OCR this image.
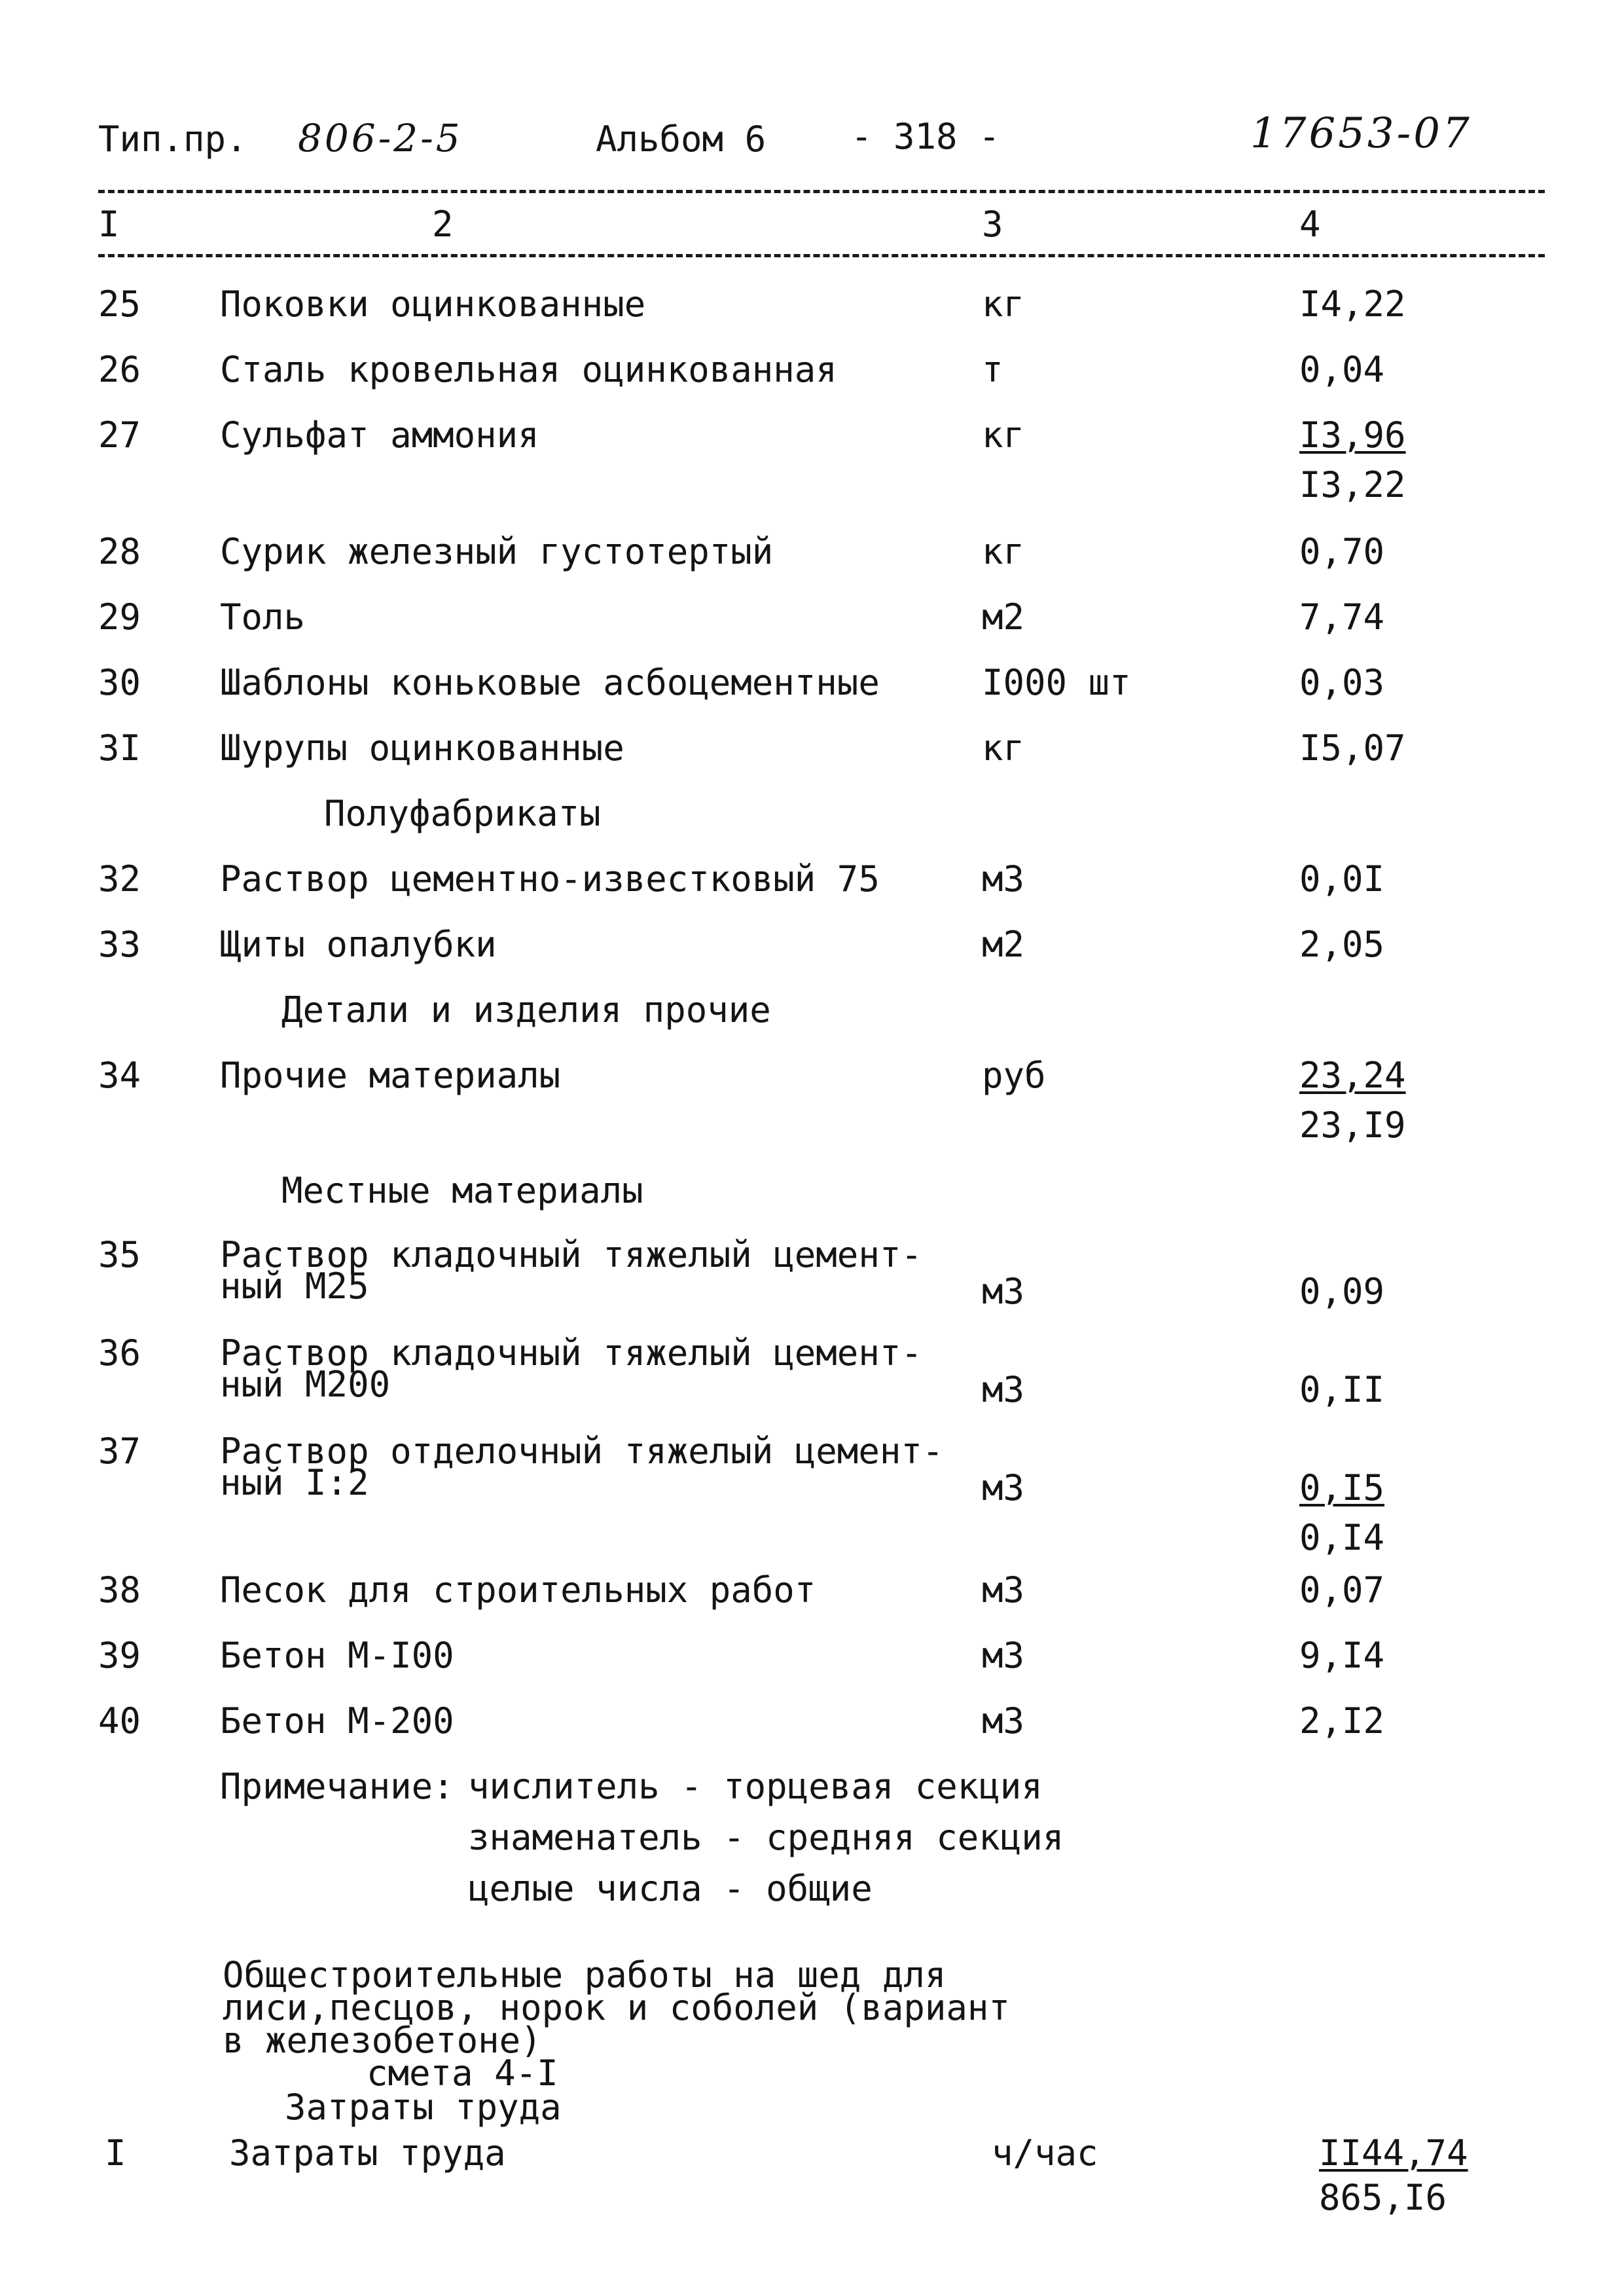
Тип.пр. 806-2-5	Альбом 6 - 318 -	17653-07
I	2	3	4
25 Поковки оцинкованные	кг	I4,22
26 Сталь кровельная оцинкованная	т	0,04
27 Сульфат аммония	кг	I3,96
I3,22
28 Сурик железный густотертый	кг	0,70
29 Толь	м2	7,74
30 Шаблоны коньковые асбоцементные	I000 шт	0,03
3I Шурупы оцинкованные	кг	I5,07
Полуфабрикаты
32 Раствор цементно-известковый 75	м3	0,0I
33 Щиты опалубки	м2	2,05
Детали и изделия прочие
34 Прочие материалы	руб	23,24
23,I9
Местные материалы
35 Раствор кладочный тяжелый цемент-
ный М25	м3	0,09
36 Раствор кладочный тяжелый цемент-
ный М200	м3	0,II
37 Раствор отделочный тяжелый цемент-
ный I:2	м3	0,I5
0,I4
38 Песок для строительных работ	м3	0,07
39 Бетон М-I00	м3	9,I4
40 Бетон М-200	м3	2,I2
Примечание: числитель - торцевая секция
знаменатель - средняя секция
целые числа - общие
Общестроительные работы на шед для
лиси,песцов, норок и соболей (вариант
в железобетоне)
смета 4-I
Затраты труда
I	Затраты труда	ч/час	II44,74
865,I6
